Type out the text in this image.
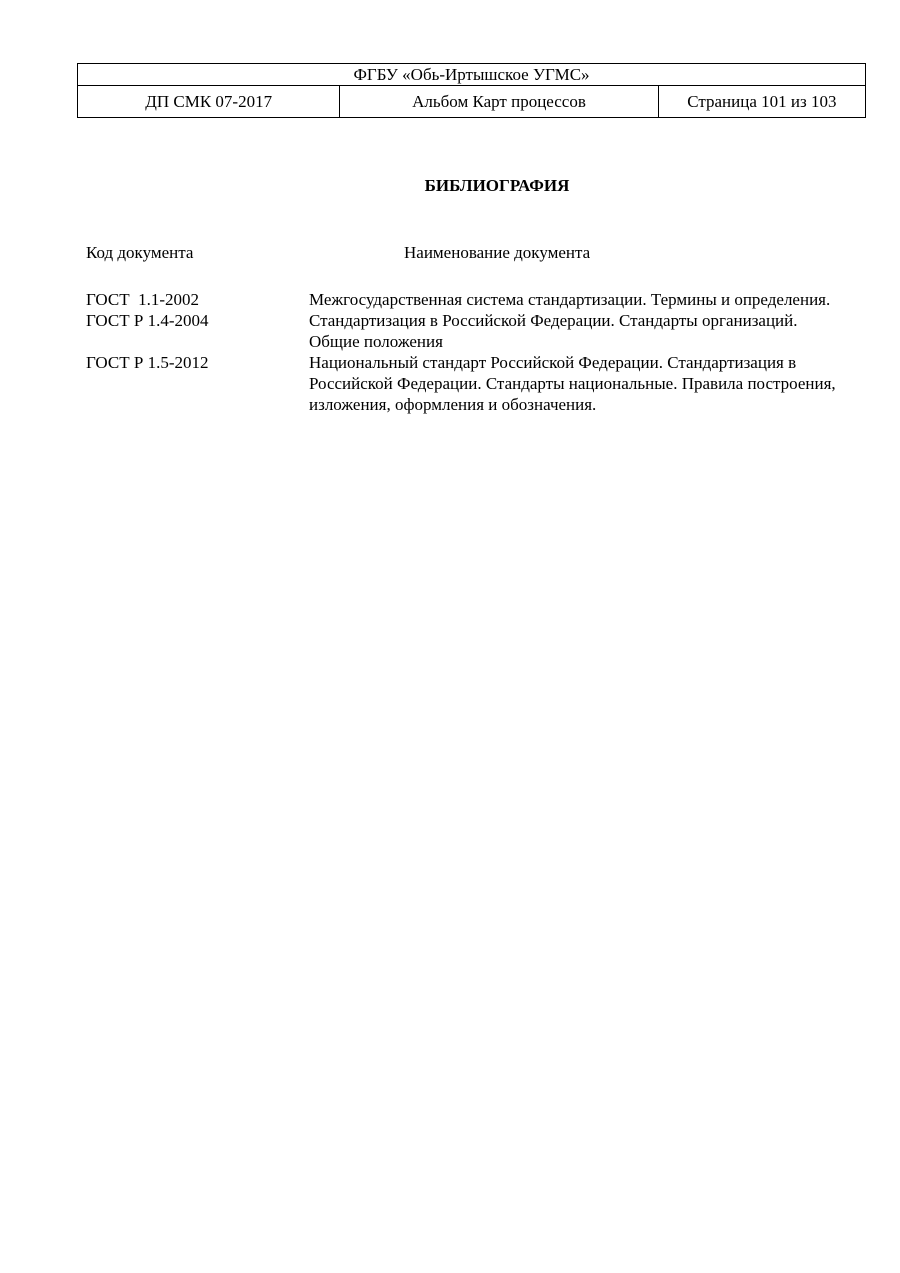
ФГБУ «Обь-Иртышское УГМС»
ДП СМК 07-2017	Альбом Карт процессов	Страница 101 из 103
БИБЛИОГРАФИЯ
Код документа	Наименование документа
ГОСТ  1.1-2002	Межгосударственная система стандартизации. Термины и определения.
ГОСТ Р 1.4-2004	Стандартизация в Российской Федерации. Стандарты организаций. Общие положения
ГОСТ Р 1.5-2012	Национальный стандарт Российской Федерации. Стандартизация в Российской Федерации. Стандарты национальные. Правила построения, изложения, оформления и обозначения.
